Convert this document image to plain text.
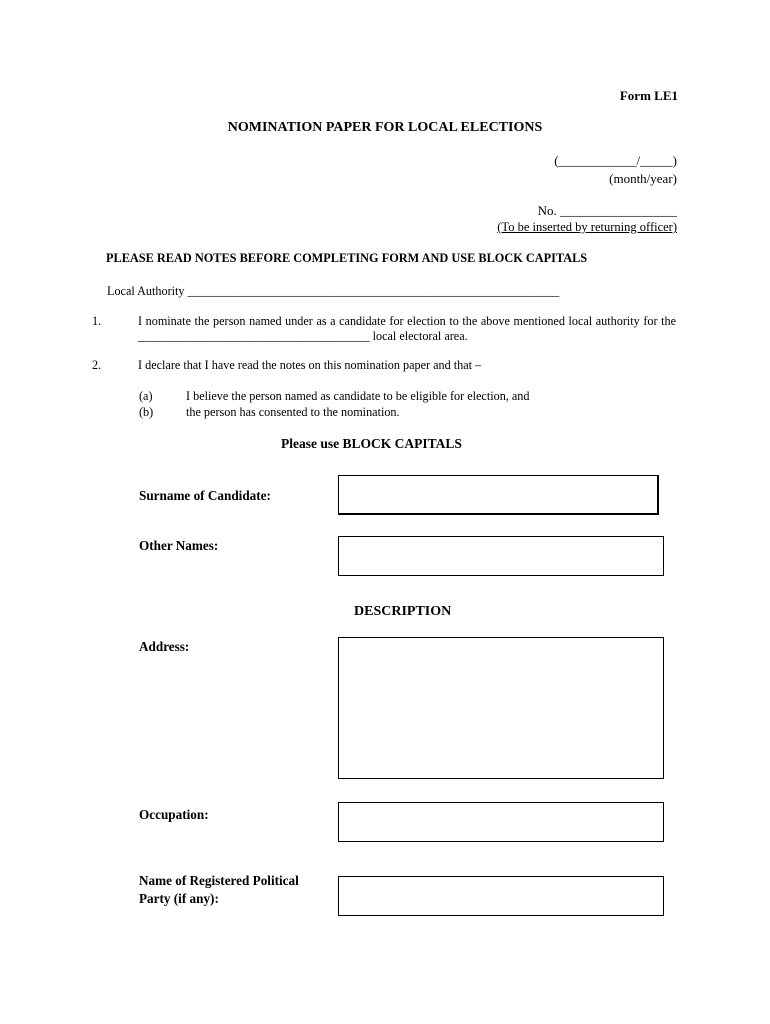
Form LE1

NOMINATION PAPER FOR LOCAL ELECTIONS

(____________/_____)

(month/year)

No. __________________

(To be inserted by returning officer)

PLEASE READ NOTES BEFORE COMPLETING FORM AND USE BLOCK CAPITALS

Local Authority _____________________________________________________________

1.	I nominate the person named under as a candidate for election to the above mentioned local authority for the ______________________________________ local electoral area.

2.	I declare that I have read the notes on this nomination paper and that –

(a)	I believe the person named as candidate to be eligible for election, and

(b)	the person has consented to the nomination.

Please use BLOCK CAPITALS

Surname of Candidate:

Other Names:

DESCRIPTION

Address:

Occupation:

Name of Registered Political

Party (if any):
